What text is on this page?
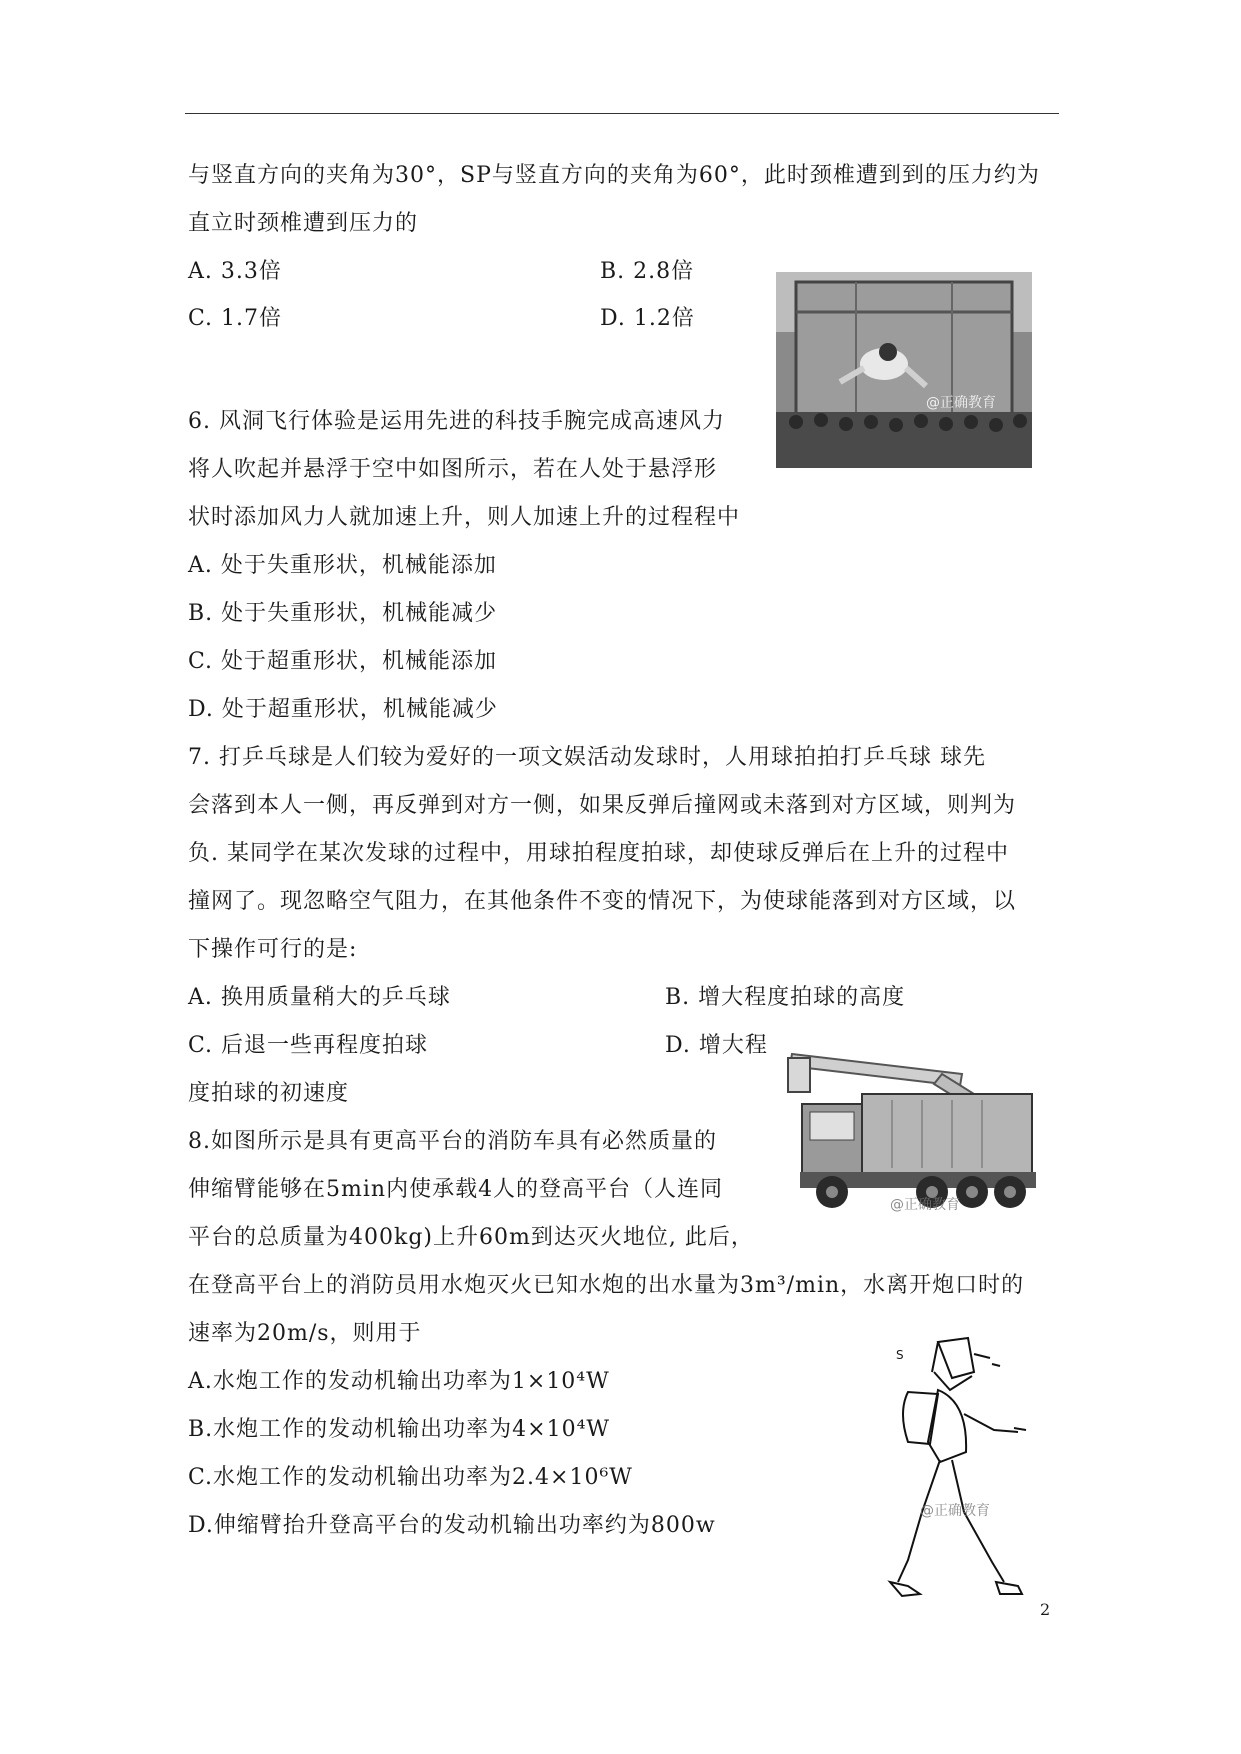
与竖直方向的夹角为30°，SP与竖直方向的夹角为60°，此时颈椎遭到到的压力约为
直立时颈椎遭到压力的
A. 3.3倍	B. 2.8倍
C. 1.7倍	D. 1.2倍
@正确教育
6. 风洞飞行体验是运用先进的科技手腕完成高速风力
将人吹起并悬浮于空中如图所示，若在人处于悬浮形
状时添加风力人就加速上升，则人加速上升的过程程中
A. 处于失重形状，机械能添加
B. 处于失重形状，机械能减少
C. 处于超重形状，机械能添加
D. 处于超重形状，机械能减少
7. 打乒乓球是人们较为爱好的一项文娱活动发球时，人用球拍拍打乒乓球 球先
会落到本人一侧，再反弹到对方一侧，如果反弹后撞网或未落到对方区域，则判为
负. 某同学在某次发球的过程中，用球拍程度拍球，却使球反弹后在上升的过程中
撞网了。现忽略空气阻力，在其他条件不变的情况下，为使球能落到对方区域，以
下操作可行的是:
A. 换用质量稍大的乒乓球	B. 增大程度拍球的高度
C. 后退一些再程度拍球	D. 增大程
度拍球的初速度
@正确教育
8.如图所示是具有更高平台的消防车具有必然质量的
伸缩臂能够在5min内使承载4人的登高平台（人连同
平台的总质量为400kg)上升60m到达灭火地位, 此后，
在登高平台上的消防员用水炮灭火已知水炮的出水量为3m³/min，水离开炮口时的
速率为20m/s，则用于
A.水炮工作的发动机输出功率为1×10⁴W
B.水炮工作的发动机输出功率为4×10⁴W
C.水炮工作的发动机输出功率为2.4×10⁶W
D.伸缩臂抬升登高平台的发动机输出功率约为800w
S
@正确教育
2
